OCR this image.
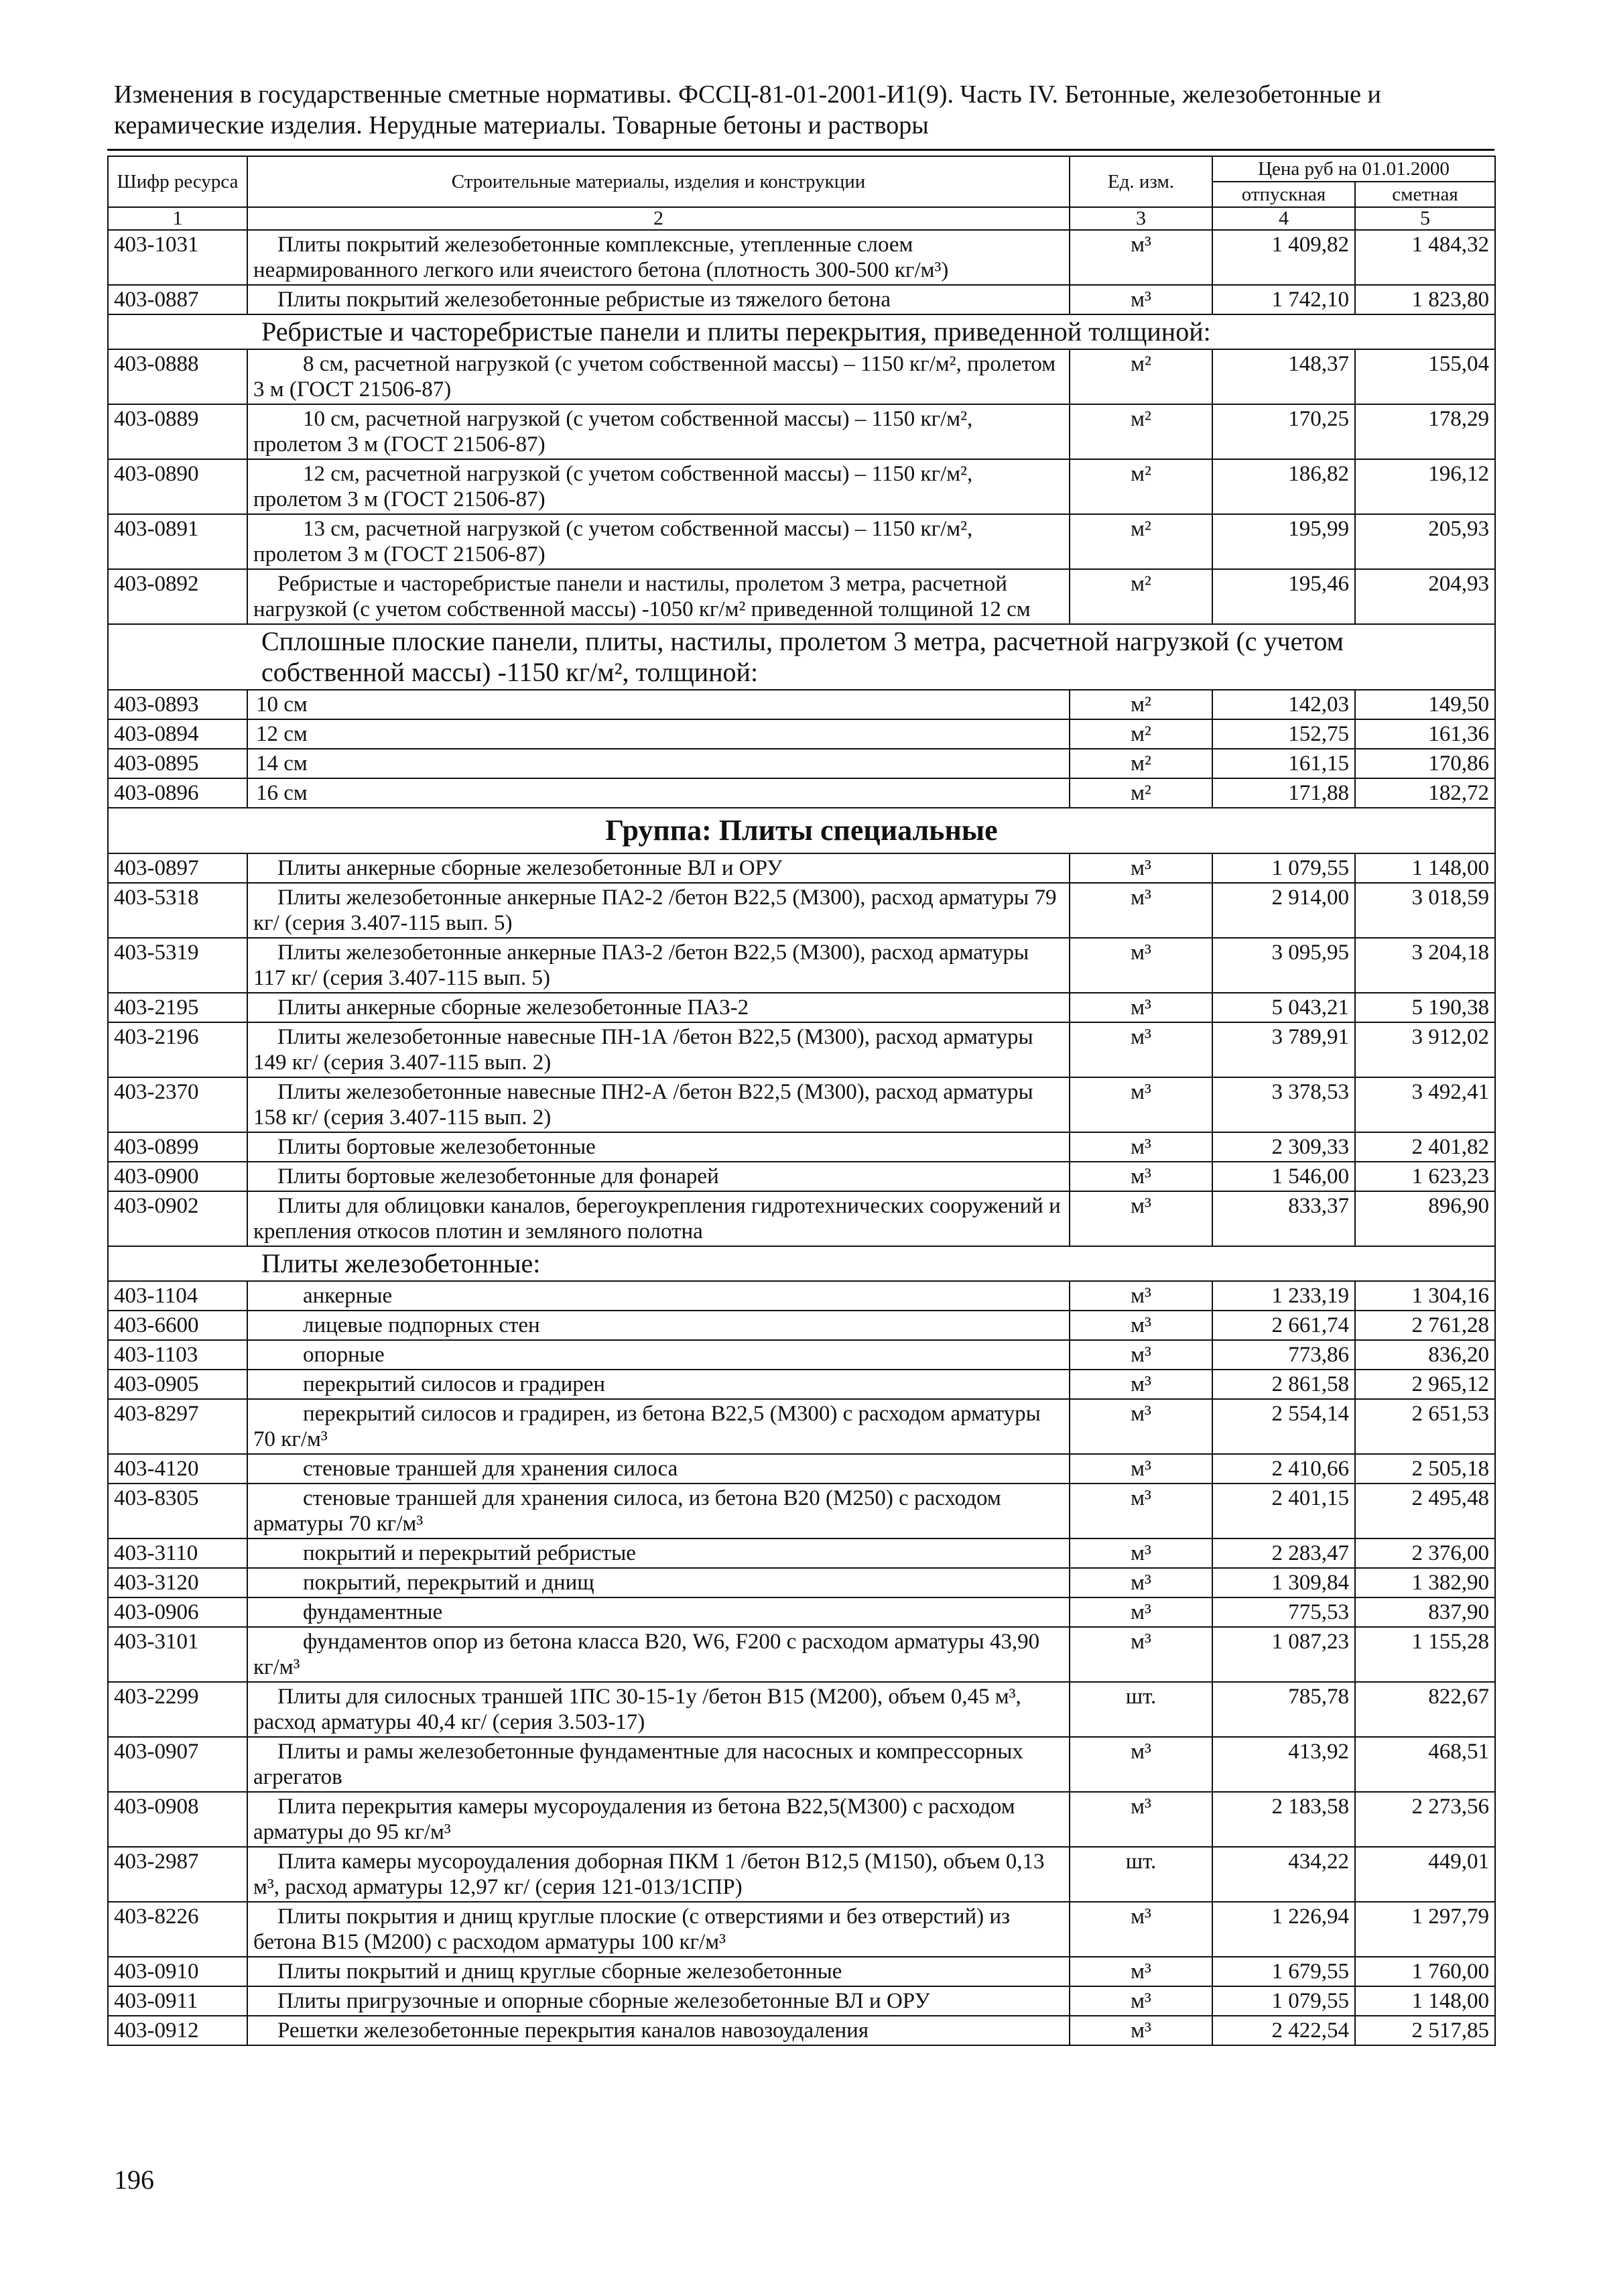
Изменения в государственные сметные нормативы. ФССЦ-81-01-2001-И1(9). Часть IV. Бетонные, железобетонные и
керамические изделия. Нерудные материалы. Товарные бетоны и растворы
Шифр ресурса	Строительные материалы, изделия и конструкции	Ед. изм.	Цена руб на 01.01.2000	
			отпускная	сметная
1	2	3	4	5

403-1031	Плиты покрытий железобетонные комплексные, утепленные слоем неармированного легкого или ячеистого бетона (плотность 300-500 кг/м³)	м³	1 409,82	1 484,32

403-0887	Плиты покрытий железобетонные ребристые из тяжелого бетона	м³	1 742,10	1 823,80

Ребристые и часторебристые панели и плиты перекрытия, приведенной толщиной:				

403-0888	8 см, расчетной нагрузкой (с учетом собственной массы) – 1150 кг/м², пролетом 3 м (ГОСТ 21506-87)	м²	148,37	155,04

403-0889	10 см, расчетной нагрузкой (с учетом собственной массы) – 1150 кг/м², пролетом 3 м (ГОСТ 21506-87)	м²	170,25	178,29

403-0890	12 см, расчетной нагрузкой (с учетом собственной массы) – 1150 кг/м², пролетом 3 м (ГОСТ 21506-87)	м²	186,82	196,12

403-0891	13 см, расчетной нагрузкой (с учетом собственной массы) – 1150 кг/м², пролетом 3 м (ГОСТ 21506-87)	м²	195,99	205,93

403-0892	Ребристые и часторебристые панели и настилы, пролетом 3 метра, расчетной нагрузкой (с учетом собственной массы) -1050 кг/м² приведенной толщиной 12 см	м²	195,46	204,93

Сплошные плоские панели, плиты, настилы, пролетом 3 метра, расчетной нагрузкой (с учетом собственной массы) -1150 кг/м², толщиной:				

403-0893	10 см	м²	142,03	149,50

403-0894	12 см	м²	152,75	161,36

403-0895	14 см	м²	161,15	170,86

403-0896	16 см	м²	171,88	182,72

Группа: Плиты специальные				

403-0897	Плиты анкерные сборные железобетонные ВЛ и ОРУ	м³	1 079,55	1 148,00

403-5318	Плиты железобетонные анкерные ПА2-2 /бетон В22,5 (М300), расход арматуры 79 кг/ (серия 3.407-115 вып. 5)	м³	2 914,00	3 018,59

403-5319	Плиты железобетонные анкерные ПА3-2 /бетон В22,5 (М300), расход арматуры 117 кг/ (серия 3.407-115 вып. 5)	м³	3 095,95	3 204,18

403-2195	Плиты анкерные сборные железобетонные ПА3-2	м³	5 043,21	5 190,38

403-2196	Плиты железобетонные навесные ПН-1А /бетон В22,5 (М300), расход арматуры 149 кг/ (серия 3.407-115 вып. 2)	м³	3 789,91	3 912,02

403-2370	Плиты железобетонные навесные ПН2-А /бетон В22,5 (М300), расход арматуры 158 кг/ (серия 3.407-115 вып. 2)	м³	3 378,53	3 492,41

403-0899	Плиты бортовые железобетонные	м³	2 309,33	2 401,82

403-0900	Плиты бортовые железобетонные для фонарей	м³	1 546,00	1 623,23

403-0902	Плиты для облицовки каналов, берегоукрепления гидротехнических сооружений и крепления откосов плотин и земляного полотна	м³	833,37	896,90

Плиты железобетонные:				

403-1104	анкерные	м³	1 233,19	1 304,16

403-6600	лицевые подпорных стен	м³	2 661,74	2 761,28

403-1103	опорные	м³	773,86	836,20

403-0905	перекрытий силосов и градирен	м³	2 861,58	2 965,12

403-8297	перекрытий силосов и градирен, из бетона В22,5 (М300) с расходом арматуры 70 кг/м³	м³	2 554,14	2 651,53

403-4120	стеновые траншей для хранения силоса	м³	2 410,66	2 505,18

403-8305	стеновые траншей для хранения силоса, из бетона В20 (М250) с расходом арматуры 70 кг/м³	м³	2 401,15	2 495,48

403-3110	покрытий и перекрытий ребристые	м³	2 283,47	2 376,00

403-3120	покрытий, перекрытий и днищ	м³	1 309,84	1 382,90

403-0906	фундаментные	м³	775,53	837,90

403-3101	фундаментов опор из бетона класса В20, W6, F200 с расходом арматуры 43,90 кг/м³	м³	1 087,23	1 155,28

403-2299	Плиты для силосных траншей 1ПС 30-15-1у /бетон В15 (М200), объем 0,45 м³, расход арматуры 40,4 кг/ (серия 3.503-17)	шт.	785,78	822,67

403-0907	Плиты и рамы железобетонные фундаментные для насосных и компрессорных агрегатов	м³	413,92	468,51

403-0908	Плита перекрытия камеры мусороудаления из бетона В22,5(М300) с расходом арматуры до 95 кг/м³	м³	2 183,58	2 273,56

403-2987	Плита камеры мусороудаления доборная ПКМ 1 /бетон В12,5 (М150), объем 0,13 м³, расход арматуры 12,97 кг/ (серия 121-013/1СПР)	шт.	434,22	449,01

403-8226	Плиты покрытия и днищ круглые плоские (с отверстиями и без отверстий) из бетона В15 (М200) с расходом арматуры 100 кг/м³	м³	1 226,94	1 297,79

403-0910	Плиты покрытий и днищ круглые сборные железобетонные	м³	1 679,55	1 760,00

403-0911	Плиты пригрузочные и опорные сборные железобетонные ВЛ и ОРУ	м³	1 079,55	1 148,00

403-0912	Решетки железобетонные перекрытия каналов навозоудаления	м³	2 422,54	2 517,85
196
